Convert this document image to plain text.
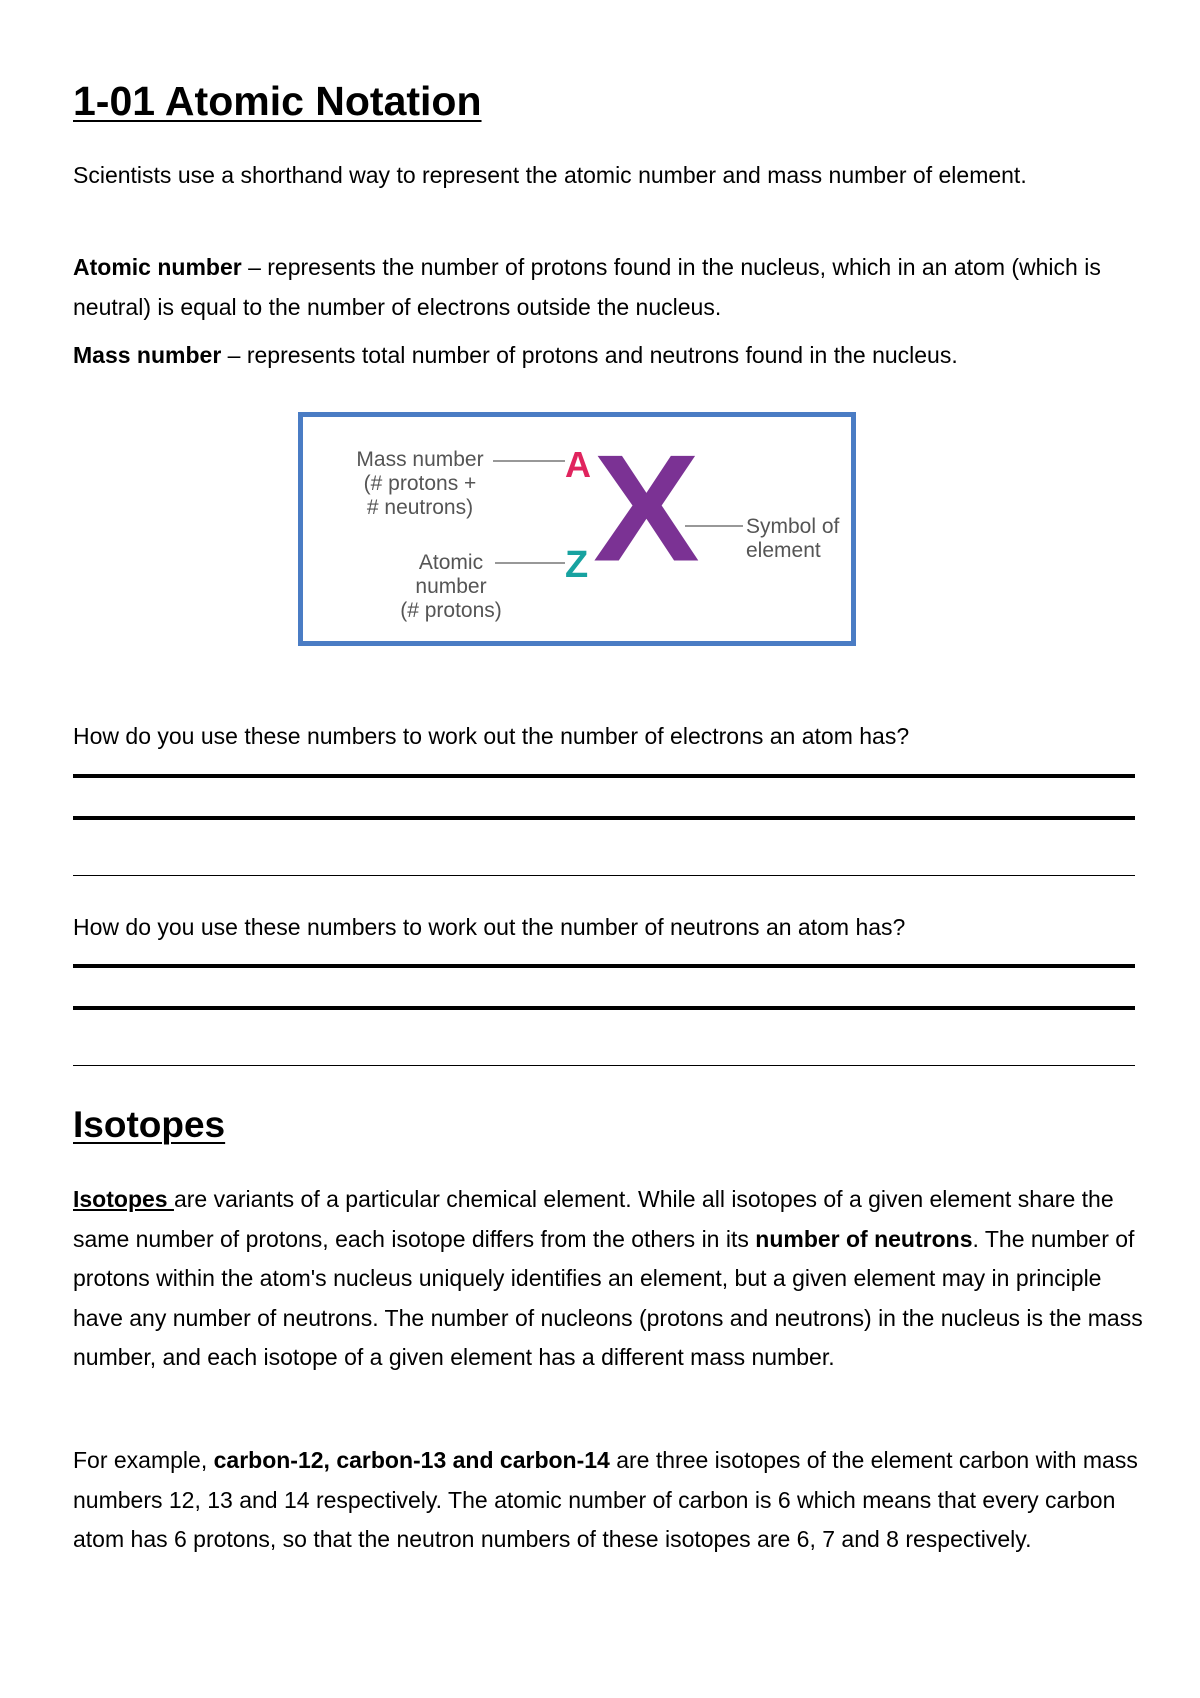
1-01 Atomic Notation

Scientists use a shorthand way to represent the atomic number and mass number of element.

Atomic number – represents the number of protons found in the nucleus, which in an atom (which is neutral) is equal to the number of electrons outside the nucleus.

Mass number – represents total number of protons and neutrons found in the nucleus.

Mass number
(# protons +
# neutrons)
Atomic
number
(# protons)
Symbol of
element
A
Z X

How do you use these numbers to work out the number of electrons an atom has?

How do you use these numbers to work out the number of neutrons an atom has?

Isotopes

Isotopes are variants of a particular chemical element. While all isotopes of a given element share the same number of protons, each isotope differs from the others in its number of neutrons. The number of protons within the atom's nucleus uniquely identifies an element, but a given element may in principle have any number of neutrons. The number of nucleons (protons and neutrons) in the nucleus is the mass number, and each isotope of a given element has a different mass number.

For example, carbon-12, carbon-13 and carbon-14 are three isotopes of the element carbon with mass numbers 12, 13 and 14 respectively. The atomic number of carbon is 6 which means that every carbon atom has 6 protons, so that the neutron numbers of these isotopes are 6, 7 and 8 respectively.
